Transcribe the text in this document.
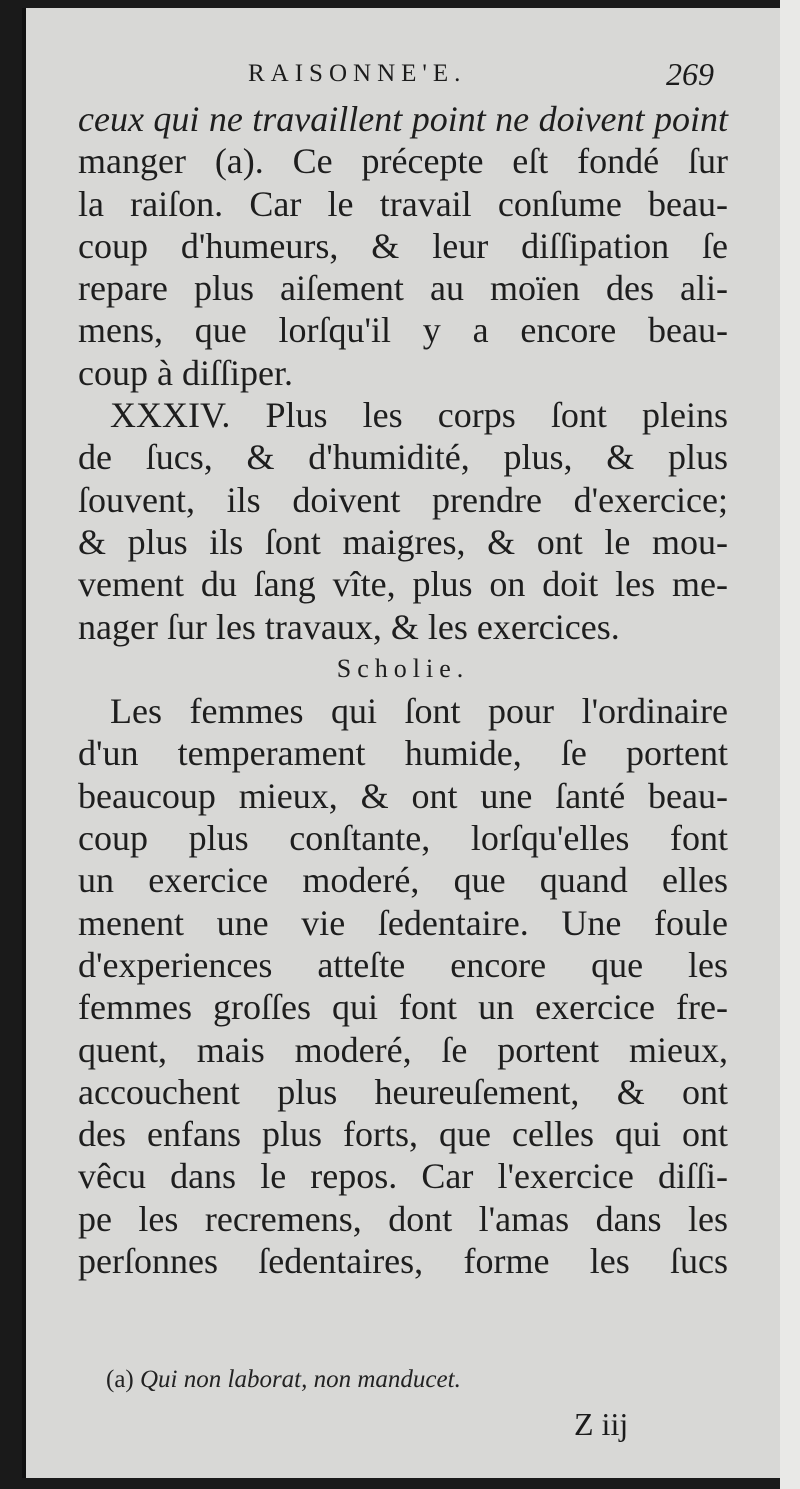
RAISONNE'E.	269
ceux qui ne travaillent point ne doivent point
manger (a). Ce précepte eſt fondé ſur
la raiſon. Car le travail conſume beau-
coup d'humeurs, & leur diſſipation ſe
repare plus aiſement au moïen des ali-
mens, que lorſqu'il y a encore beau-
coup à diſſiper.
XXXIV. Plus les corps ſont pleins
de ſucs, & d'humidité, plus, & plus
ſouvent, ils doivent prendre d'exercice;
& plus ils ſont maigres, & ont le mou-
vement du ſang vîte, plus on doit les me-
nager ſur les travaux, & les exercices.
Scholie.
Les femmes qui ſont pour l'ordinaire
d'un temperament humide, ſe portent
beaucoup mieux, & ont une ſanté beau-
coup plus conſtante, lorſqu'elles font
un exercice moderé, que quand elles
menent une vie ſedentaire. Une foule
d'experiences atteſte encore que les
femmes groſſes qui font un exercice fre-
quent, mais moderé, ſe portent mieux,
accouchent plus heureuſement, & ont
des enfans plus forts, que celles qui ont
vêcu dans le repos. Car l'exercice diſſi-
pe les recremens, dont l'amas dans les
perſonnes ſedentaires, forme les ſucs
(a) Qui non laborat, non manducet.
Z iij
